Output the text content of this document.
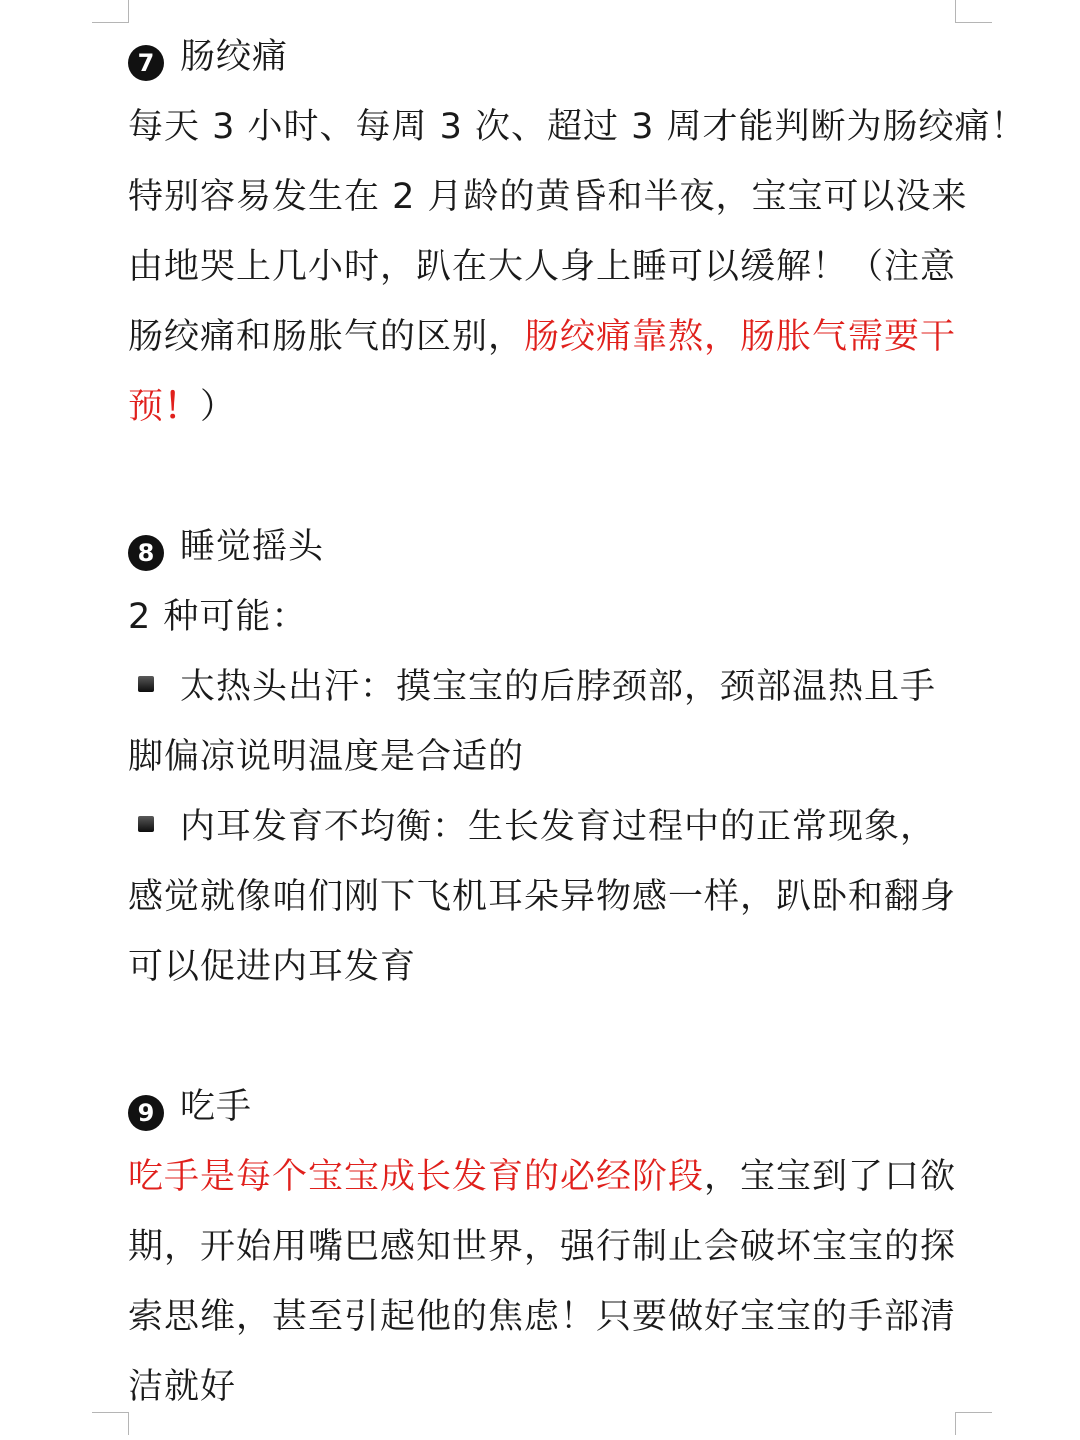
7 肠绞痛
每天 3 小时、每周 3 次、超过 3 周才能判断为肠绞痛！
特别容易发生在 2 月龄的黄昏和半夜，宝宝可以没来
由地哭上几小时，趴在大人身上睡可以缓解！（注意
肠绞痛和肠胀气的区别，肠绞痛靠熬，肠胀气需要干
预！）
8 睡觉摇头
2 种可能：
太热头出汗：摸宝宝的后脖颈部，颈部温热且手
脚偏凉说明温度是合适的
内耳发育不均衡：生长发育过程中的正常现象，
感觉就像咱们刚下飞机耳朵异物感一样，趴卧和翻身
可以促进内耳发育
9 吃手
吃手是每个宝宝成长发育的必经阶段，宝宝到了口欲
期，开始用嘴巴感知世界，强行制止会破坏宝宝的探
索思维，甚至引起他的焦虑！只要做好宝宝的手部清
洁就好
